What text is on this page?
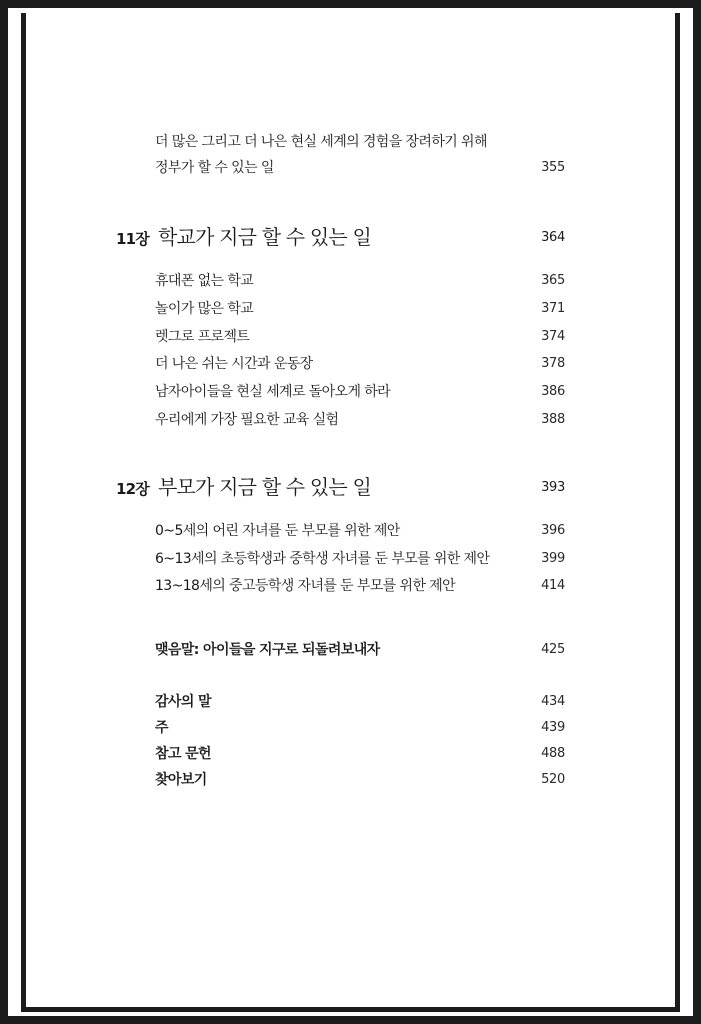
더 많은 그리고 더 나은 현실 세계의 경험을 장려하기 위해
정부가 할 수 있는 일	355
11장 학교가 지금 할 수 있는 일	364
휴대폰 없는 학교	365
놀이가 많은 학교	371
렛그로 프로젝트	374
더 나은 쉬는 시간과 운동장	378
남자아이들을 현실 세계로 돌아오게 하라	386
우리에게 가장 필요한 교육 실험	388
12장 부모가 지금 할 수 있는 일	393
0~5세의 어린 자녀를 둔 부모를 위한 제안	396
6~13세의 초등학생과 중학생 자녀를 둔 부모를 위한 제안	399
13~18세의 중고등학생 자녀를 둔 부모를 위한 제안	414
맺음말: 아이들을 지구로 되돌려보내자	425
감사의 말	434
주	439
참고 문헌	488
찾아보기	520
